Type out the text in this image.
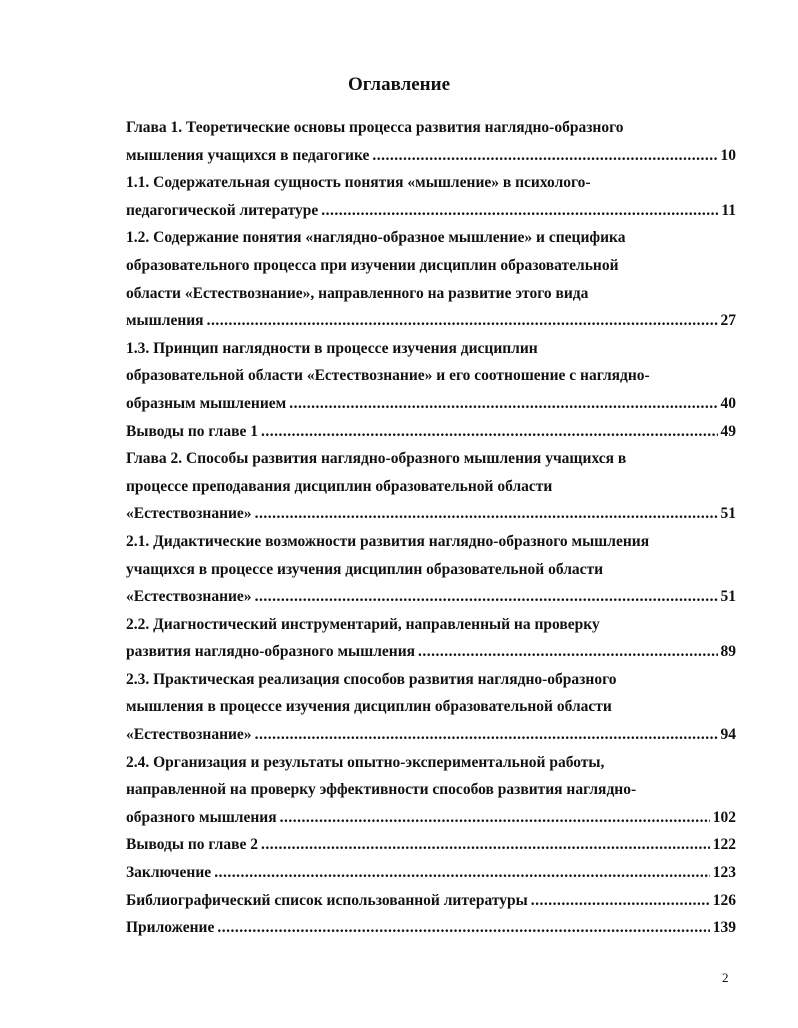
Оглавление
Глава 1. Теоретические основы процесса развития наглядно-образного
мышления учащихся в педагогике .....	10
1.1. Содержательная сущность понятия «мышление» в психолого-
педагогической литературе .....	11
1.2. Содержание понятия «наглядно-образное мышление» и специфика
образовательного процесса при изучении дисциплин образовательной
области «Естествознание», направленного на развитие этого вида
мышления .....	27
1.3. Принцип наглядности в процессе изучения дисциплин
образовательной области «Естествознание» и его соотношение с наглядно-
образным мышлением .....	40
Выводы по главе 1 .....	49
Глава 2. Способы развития наглядно-образного мышления учащихся в
процессе преподавания дисциплин образовательной области
«Естествознание» .....	51
2.1. Дидактические возможности развития наглядно-образного мышления
учащихся в процессе изучения дисциплин образовательной области
«Естествознание» .....	51
2.2. Диагностический инструментарий, направленный на проверку
развития наглядно-образного мышления .....	89
2.3. Практическая реализация способов развития наглядно-образного
мышления в процессе изучения дисциплин образовательной области
«Естествознание» .....	94
2.4. Организация и результаты опытно-экспериментальной работы,
направленной на проверку эффективности способов развития наглядно-
образного мышления .....	102
Выводы по главе 2 .....	122
Заключение .....	123
Библиографический список использованной литературы .....	126
Приложение .....	139
2
